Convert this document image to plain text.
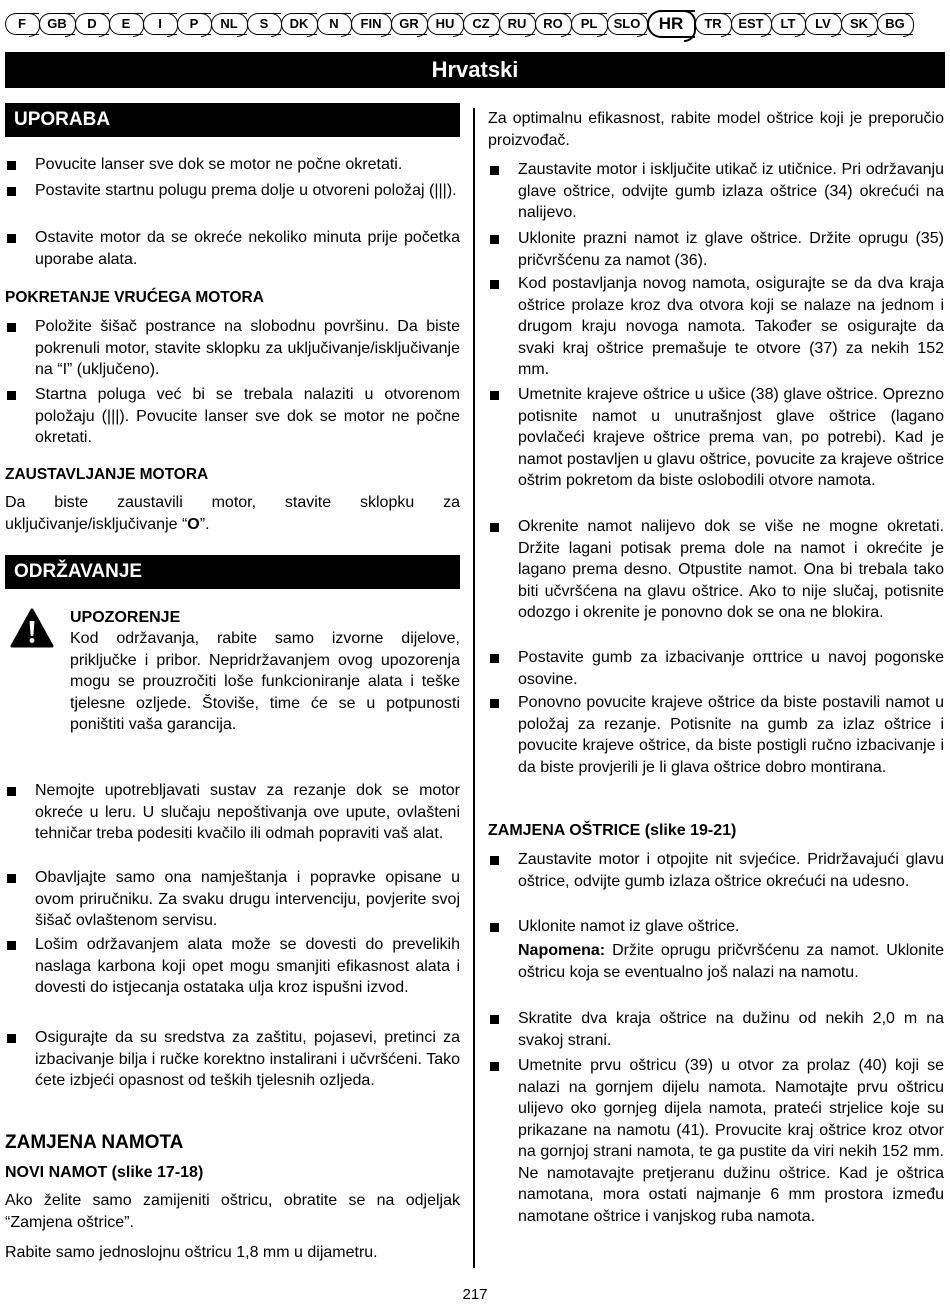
F GB D E I P NL S DK N FIN GR HU CZ RU RO PL SLO HR TR EST LT LV SK BG
Hrvatski
UPORABA
Povucite lanser sve dok se motor ne počne okretati.
Postavite startnu polugu prema dolje u otvoreni položaj (|||).
Ostavite motor da se okreće nekoliko minuta prije početka uporabe alata.
POKRETANJE VRUĆEGA MOTORA
Položite šišač postrance na slobodnu površinu. Da biste pokrenuli motor, stavite sklopku za uključivanje/isključivanje na “I” (uključeno).
Startna poluga već bi se trebala nalaziti u otvorenom položaju (|||). Povucite lanser sve dok se motor ne počne okretati.
ZAUSTAVLJANJE MOTORA
Da biste zaustavili motor, stavite sklopku za uključivanje/isključivanje “O”.
ODRŽAVANJE
UPOZORENJE
Kod održavanja, rabite samo izvorne dijelove, priključke i pribor. Nepridržavanjem ovog upozorenja mogu se prouzročiti loše funkcioniranje alata i teške tjelesne ozljede. Štoviše, time će se u potpunosti poništiti vaša garancija.
Nemojte upotrebljavati sustav za rezanje dok se motor okreće u leru. U slučaju nepoštivanja ove upute, ovlašteni tehničar treba podesiti kvačilo ili odmah popraviti vaš alat.
Obavljajte samo ona namještanja i popravke opisane u ovom priručniku. Za svaku drugu intervenciju, povjerite svoj šišač ovlaštenom servisu.
Lošim održavanjem alata može se dovesti do prevelikih naslaga karbona koji opet mogu smanjiti efikasnost alata i dovesti do istjecanja ostataka ulja kroz ispušni izvod.
Osigurajte da su sredstva za zaštitu, pojasevi, pretinci za izbacivanje bilja i ručke korektno instalirani i učvršćeni. Tako ćete izbjeći opasnost od teških tjelesnih ozljeda.
ZAMJENA NAMOTA
NOVI NAMOT (slike 17-18)
Ako želite samo zamijeniti oštricu, obratite se na odjeljak “Zamjena oštrice”.
Rabite samo jednoslojnu oštricu 1,8 mm u dijametru.
Za optimalnu efikasnost, rabite model oštrice koji je preporučio proizvođač.
Zaustavite motor i isključite utikač iz utičnice. Pri održavanju glave oštrice, odvijte gumb izlaza oštrice (34) okrećući na nalijevo.
Uklonite prazni namot iz glave oštrice. Držite oprugu (35) pričvršćenu za namot (36).
Kod postavljanja novog namota, osigurajte se da dva kraja oštrice prolaze kroz dva otvora koji se nalaze na jednom i drugom kraju novoga namota. Također se osigurajte da svaki kraj oštrice premašuje te otvore (37) za nekih 152 mm.
Umetnite krajeve oštrice u ušice (38) glave oštrice. Oprezno potisnite namot u unutrašnjost glave oštrice (lagano povlačeći krajeve oštrice prema van, po potrebi). Kad je namot postavljen u glavu oštrice, povucite za krajeve oštrice oštrim pokretom da biste oslobodili otvore namota.
Okrenite namot nalijevo dok se više ne mogne okretati. Držite lagani potisak prema dole na namot i okrećite je lagano prema desno. Otpustite namot. Ona bi trebala tako biti učvršćena na glavu oštrice. Ako to nije slučaj, potisnite odozgo i okrenite je ponovno dok se ona ne blokira.
Postavite gumb za izbacivanje oπtrice u navoj pogonske osovine.
Ponovno povucite krajeve oštrice da biste postavili namot u položaj za rezanje. Potisnite na gumb za izlaz oštrice i povucite krajeve oštrice, da biste postigli ručno izbacivanje i da biste provjerili je li glava oštrice dobro montirana.
ZAMJENA OŠTRICE (slike 19-21)
Zaustavite motor i otpojite nit svjećice. Pridržavajući glavu oštrice, odvijte gumb izlaza oštrice okrećući na udesno.
Uklonite namot iz glave oštrice.
Napomena: Držite oprugu pričvršćenu za namot. Uklonite oštricu koja se eventualno još nalazi na namotu.
Skratite dva kraja oštrice na dužinu od nekih 2,0 m na svakoj strani.
Umetnite prvu oštricu (39) u otvor za prolaz (40) koji se nalazi na gornjem dijelu namota. Namotajte prvu oštricu ulijevo oko gornjeg dijela namota, prateći strjelice koje su prikazane na namotu (41). Provucite kraj oštrice kroz otvor na gornjoj strani namota, te ga pustite da viri nekih 152 mm. Ne namotavajte pretjeranu dužinu oštrice. Kad je oštrica namotana, mora ostati najmanje 6 mm prostora između namotane oštrice i vanjskog ruba namota.
217
